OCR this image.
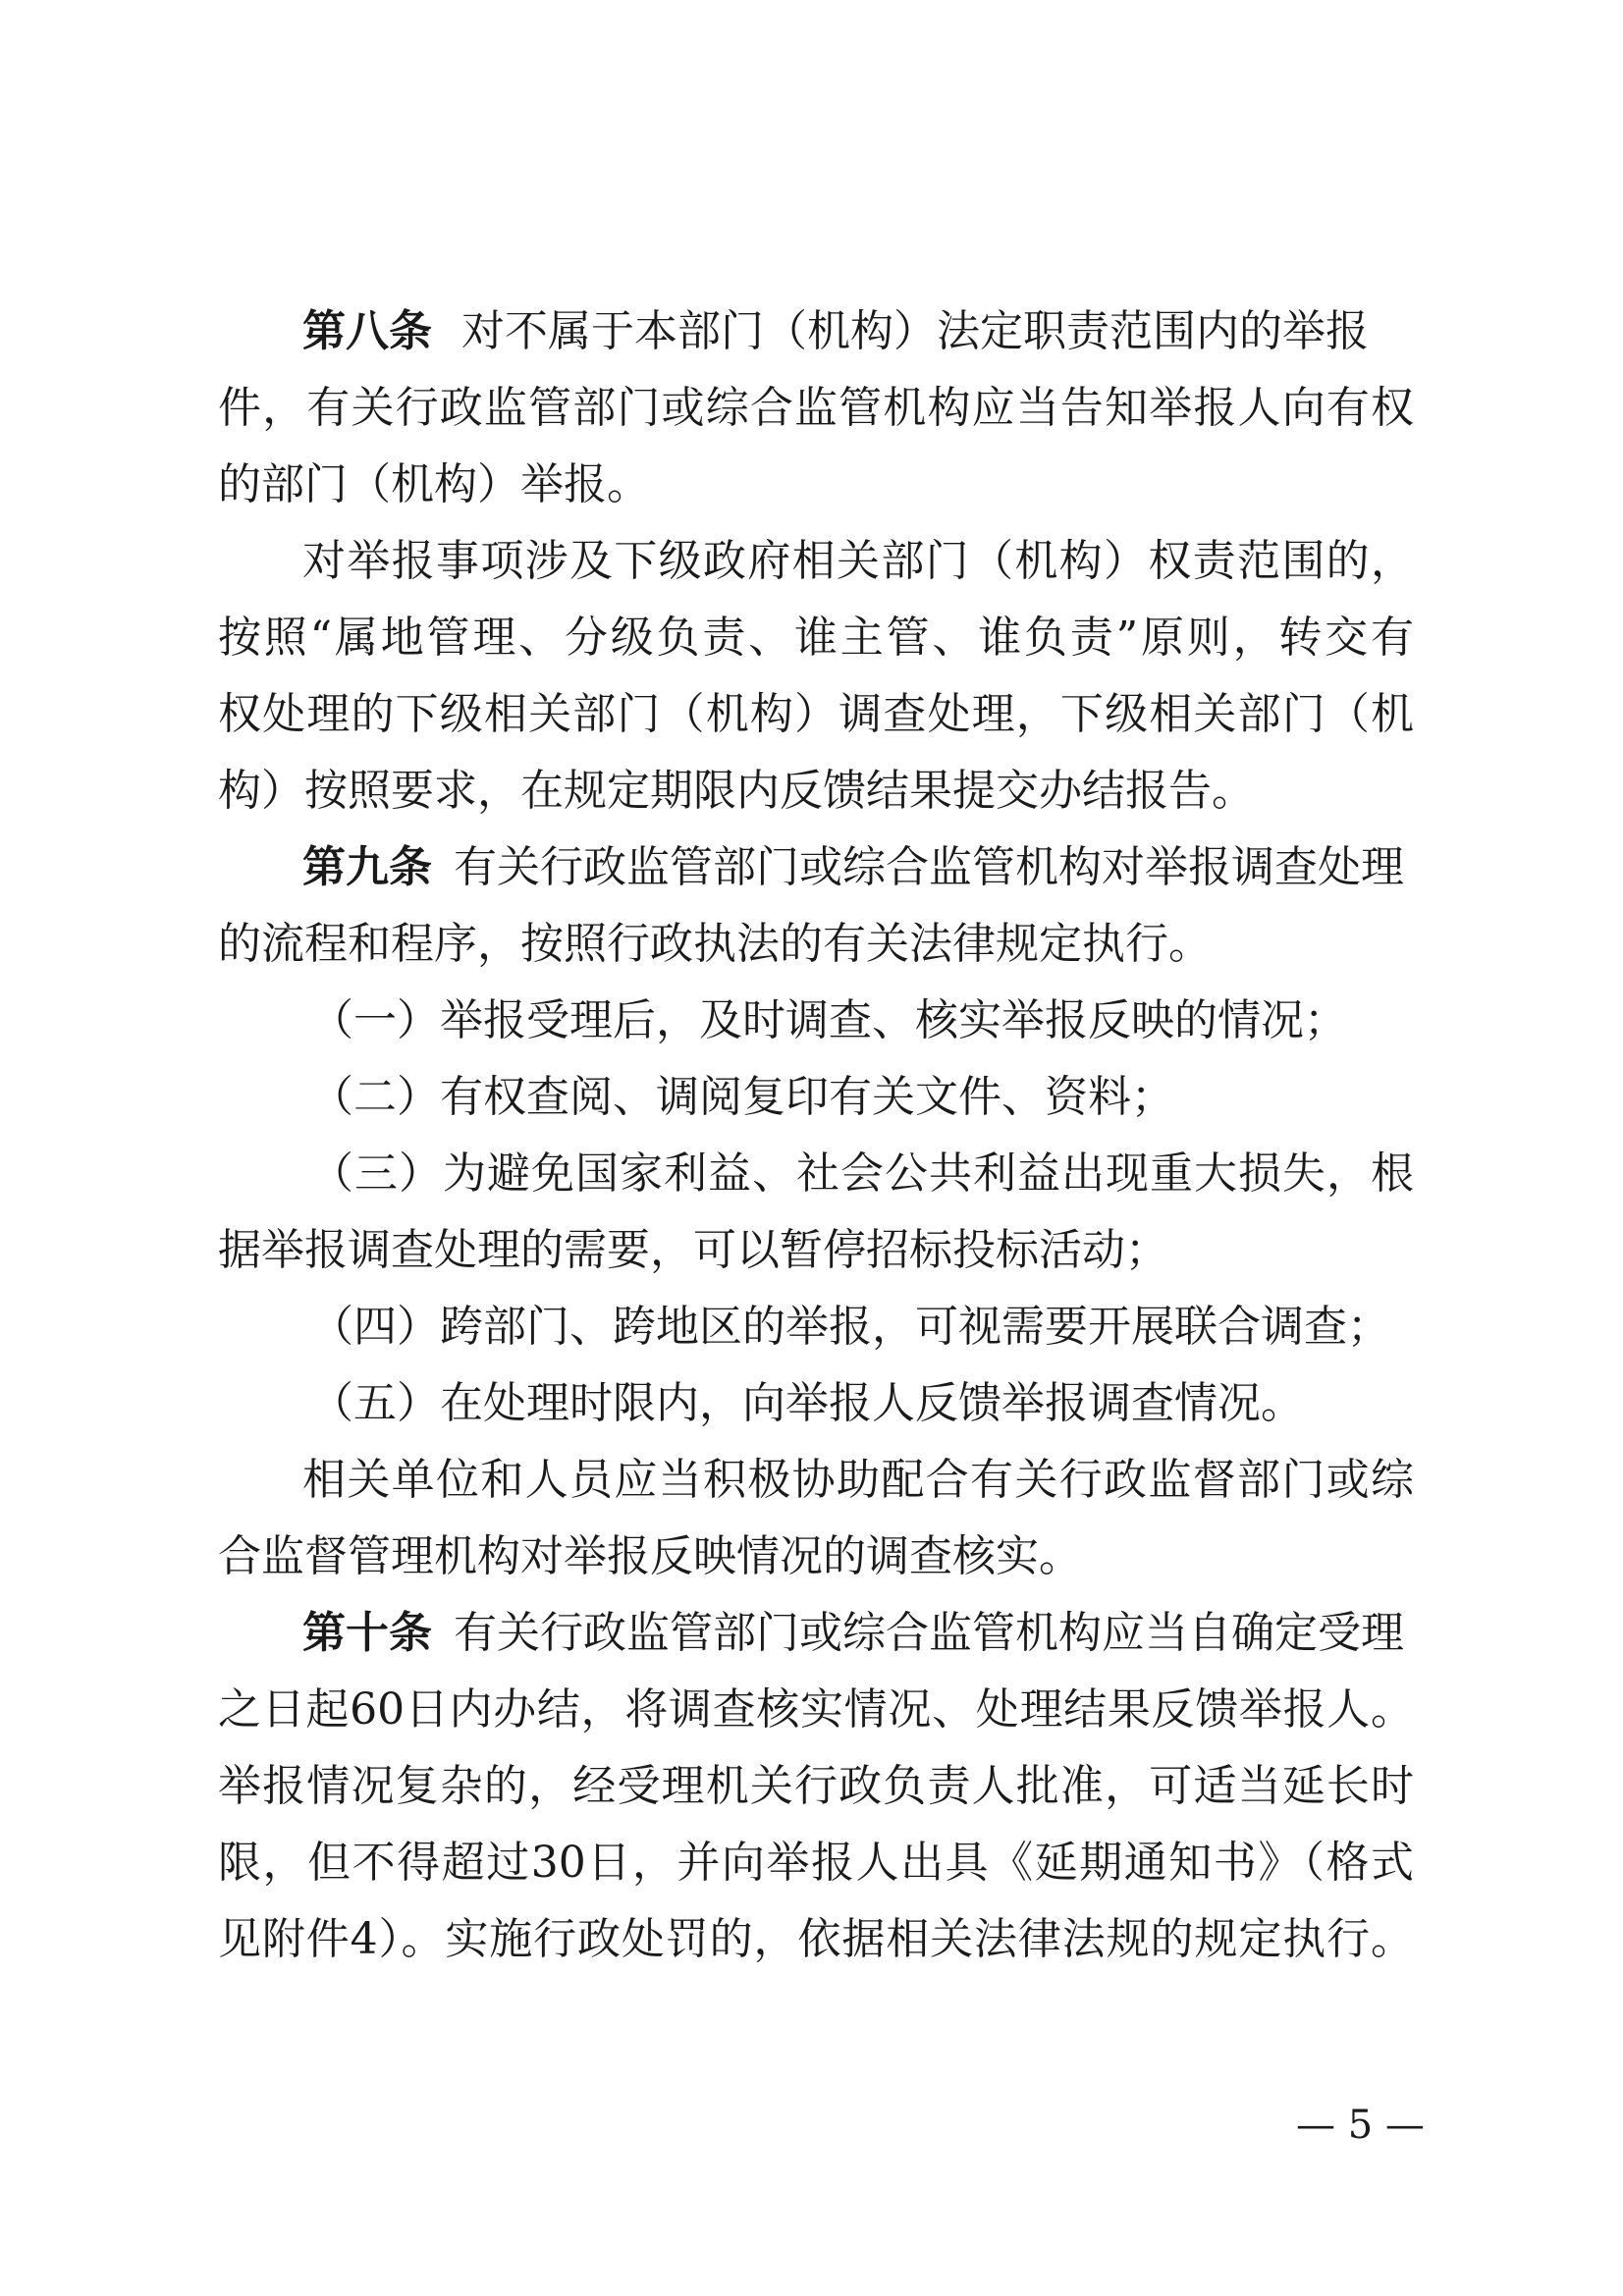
第八条 对不属于本部门（机构）法定职责范围内的举报
件，有关行政监管部门或综合监管机构应当告知举报人向有权
的部门（机构）举报。
对举报事项涉及下级政府相关部门（机构）权责范围的，
按照“属地管理、分级负责、谁主管、谁负责”原则，转交有
权处理的下级相关部门（机构）调查处理，下级相关部门（机
构）按照要求，在规定期限内反馈结果提交办结报告。
第九条 有关行政监管部门或综合监管机构对举报调查处理
的流程和程序，按照行政执法的有关法律规定执行。
（一）举报受理后，及时调查、核实举报反映的情况；
（二）有权查阅、调阅复印有关文件、资料；
（三）为避免国家利益、社会公共利益出现重大损失，根
据举报调查处理的需要，可以暂停招标投标活动；
（四）跨部门、跨地区的举报，可视需要开展联合调查；
（五）在处理时限内，向举报人反馈举报调查情况。
相关单位和人员应当积极协助配合有关行政监督部门或综
合监督管理机构对举报反映情况的调查核实。
第十条 有关行政监管部门或综合监管机构应当自确定受理
之日起60日内办结，将调查核实情况、处理结果反馈举报人。
举报情况复杂的，经受理机关行政负责人批准，可适当延长时
限，但不得超过30日，并向举报人出具《延期通知书》（格式
见附件4）。实施行政处罚的，依据相关法律法规的规定执行。
— 5 —
